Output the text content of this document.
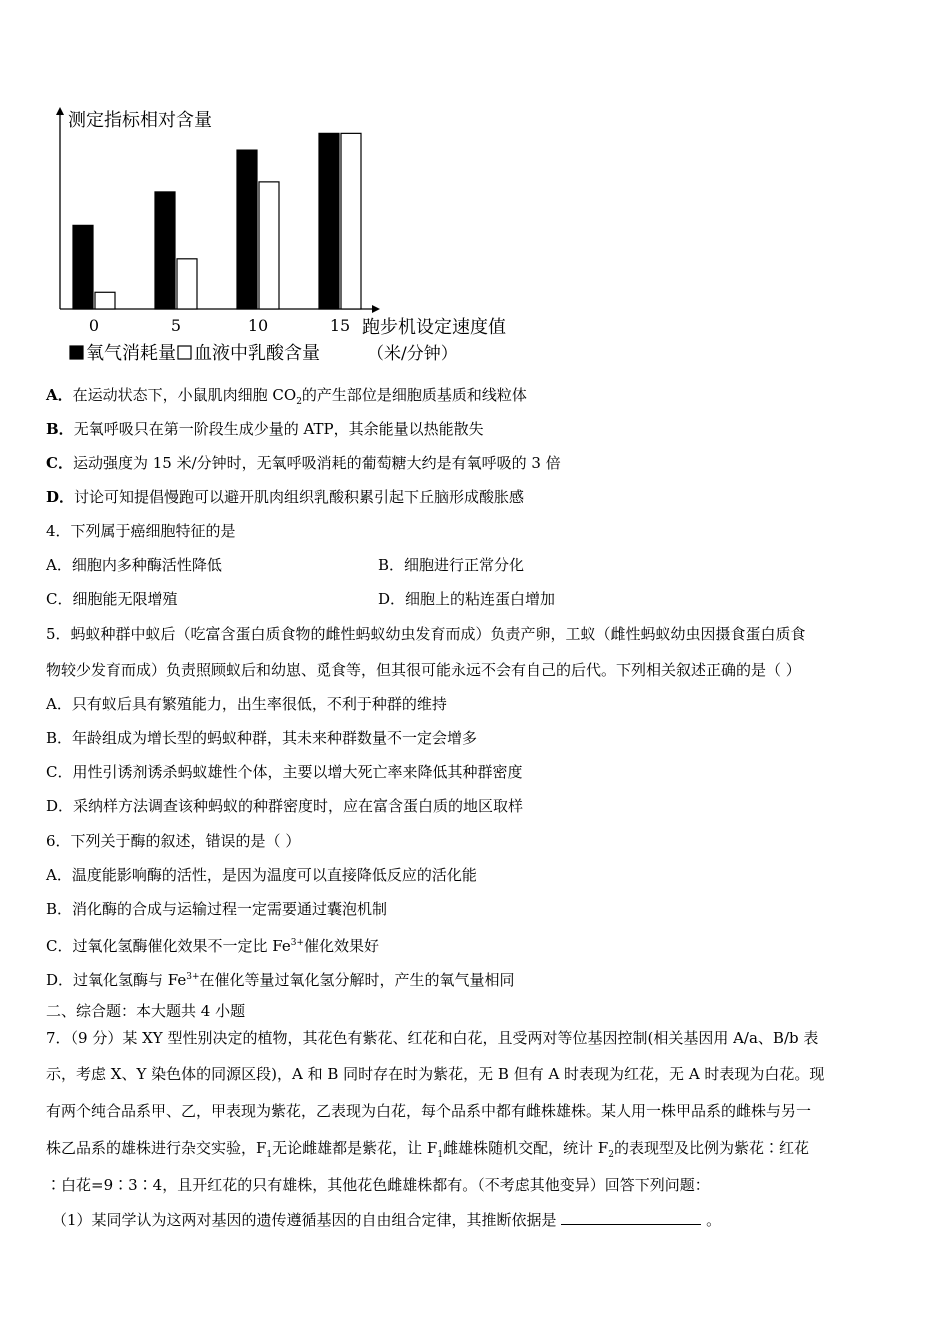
测定指标相对含量
0	5	10	15 跑步机设定速度值
（米/分钟）
氧气消耗量 血液中乳酸含量
A．在运动状态下，小鼠肌肉细胞 $CO_2$的产生部位是细胞质基质和线粒体
B．无氧呼吸只在第一阶段生成少量的 ATP，其余能量以热能散失
C．运动强度为 15 米/分钟时，无氧呼吸消耗的葡萄糖大约是有氧呼吸的 3 倍
D．讨论可知提倡慢跑可以避开肌肉组织乳酸积累引起下丘脑形成酸胀感
4．下列属于癌细胞特征的是
A．细胞内多种酶活性降低	B．细胞进行正常分化
C．细胞能无限增殖	D．细胞上的粘连蛋白增加
5．蚂蚁种群中蚁后（吃富含蛋白质食物的雌性蚂蚁幼虫发育而成）负责产卵，工蚁（雌性蚂蚁幼虫因摄食蛋白质食
物较少发育而成）负责照顾蚁后和幼崽、觅食等，但其很可能永远不会有自己的后代。下列相关叙述正确的是（ ）
A．只有蚁后具有繁殖能力，出生率很低，不利于种群的维持
B．年龄组成为增长型的蚂蚁种群，其未来种群数量不一定会增多
C．用性引诱剂诱杀蚂蚁雄性个体，主要以增大死亡率来降低其种群密度
D．采纳样方法调查该种蚂蚁的种群密度时，应在富含蛋白质的地区取样
6．下列关于酶的叙述，错误的是（ ）
A．温度能影响酶的活性，是因为温度可以直接降低反应的活化能
B．消化酶的合成与运输过程一定需要通过囊泡机制
C．过氧化氢酶催化效果不一定比 $Fe^{3+}$催化效果好
D．过氧化氢酶与 $Fe^{3+}$在催化等量过氧化氢分解时，产生的氧气量相同
二、综合题：本大题共 4 小题
7．（9 分）某 XY 型性别决定的植物，其花色有紫花、红花和白花，且受两对等位基因控制(相关基因用 A/a、B/b 表
示，考虑 X、Y 染色体的同源区段)，A 和 B 同时存在时为紫花，无 B 但有 A 时表现为红花，无 A 时表现为白花。现
有两个纯合品系甲、乙，甲表现为紫花，乙表现为白花，每个品系中都有雌株雄株。某人用一株甲品系的雌株与另一
株乙品系的雄株进行杂交实验，$F_1$无论雌雄都是紫花，让 $F_1$雌雄株随机交配，统计 $F_2$的表现型及比例为紫花∶红花
∶白花=9∶3∶4，且开红花的只有雄株，其他花色雌雄株都有。（不考虑其他变异）回答下列问题：
（1）某同学认为这两对基因的遗传遵循基因的自由组合定律，其推断依据是	。
